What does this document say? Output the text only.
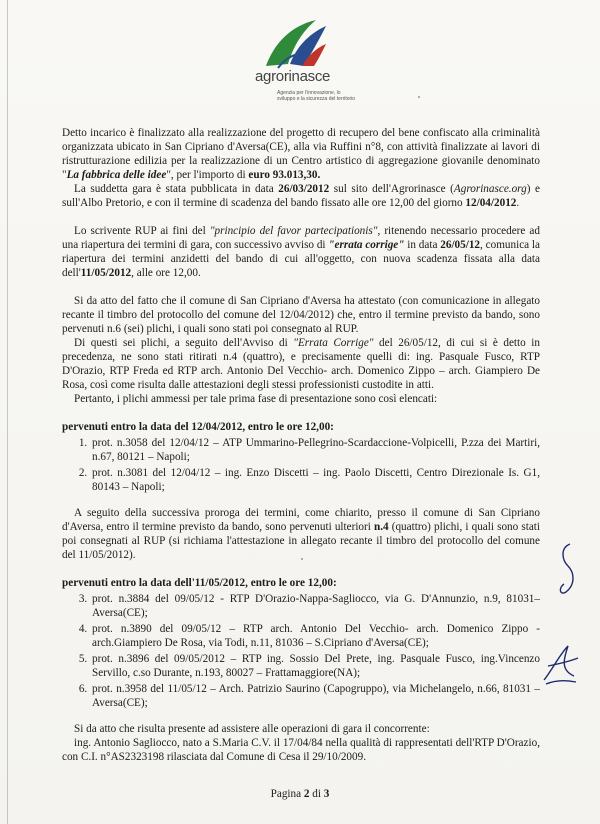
agrorinasce
Agenzia per l'innovazione, lo sviluppo e la sicurezza del territorio

Detto incarico è finalizzato alla realizzazione del progetto di recupero del bene confiscato alla criminalità organizzata ubicato in San Cipriano d'Aversa(CE), alla via Ruffini n°8, con attività finalizzate ai lavori di ristrutturazione edilizia per la realizzazione di un Centro artistico di aggregazione giovanile denominato "La fabbrica delle idee", per l'importo di euro 93.013,30.

La suddetta gara è stata pubblicata in data 26/03/2012 sul sito dell'Agrorinasce (Agrorinasce.org) e sull'Albo Pretorio, e con il termine di scadenza del bando fissato alle ore 12,00 del giorno 12/04/2012.

Lo scrivente RUP ai fini del "principio del favor partecipationis", ritenendo necessario procedere ad una riapertura dei termini di gara, con successivo avviso di "errata corrige" in data 26/05/12, comunica la riapertura dei termini anzidetti del bando di cui all'oggetto, con nuova scadenza fissata alla data dell'11/05/2012, alle ore 12,00.

Si da atto del fatto che il comune di San Cipriano d'Aversa ha attestato (con comunicazione in allegato recante il timbro del protocollo del comune del 12/04/2012) che, entro il termine previsto da bando, sono pervenuti n.6 (sei) plichi, i quali sono stati poi consegnato al RUP.

Di questi sei plichi, a seguito dell'Avviso di "Errata Corrige" del 26/05/12, di cui si è detto in precedenza, ne sono stati ritirati n.4 (quattro), e precisamente quelli di: ing. Pasquale Fusco, RTP D'Orazio, RTP Freda ed RTP arch. Antonio Del Vecchio- arch. Domenico Zippo – arch. Giampiero De Rosa, così come risulta dalle attestazioni degli stessi professionisti custodite in atti.

Pertanto, i plichi ammessi per tale prima fase di presentazione sono così elencati:

pervenuti entro la data del 12/04/2012, entro le ore 12,00:

1. prot. n.3058 del 12/04/12 – ATP Ummarino-Pellegrino-Scardaccione-Volpicelli, P.zza dei Martiri, n.67, 80121 – Napoli;
2. prot. n.3081 del 12/04/12 – ing. Enzo Discetti – ing. Paolo Discetti, Centro Direzionale Is. G1, 80143 – Napoli;

A seguito della successiva proroga dei termini, come chiarito, presso il comune di San Cipriano d'Aversa, entro il termine previsto da bando, sono pervenuti ulteriori n.4 (quattro) plichi, i quali sono stati poi consegnati al RUP (si richiama l'attestazione in allegato recante il timbro del protocollo del comune del 11/05/2012).

pervenuti entro la data dell'11/05/2012, entro le ore 12,00:

3. prot. n.3884 del 09/05/12 - RTP D'Orazio-Nappa-Sagliocco, via G. D'Annunzio, n.9, 81031– Aversa(CE);
4. prot. n.3890 del 09/05/12 – RTP arch. Antonio Del Vecchio- arch. Domenico Zippo - arch.Giampiero De Rosa, via Todi, n.11, 81036 – S.Cipriano d'Aversa(CE);
5. prot. n.3896 del 09/05/2012 – RTP ing. Sossio Del Prete, ing. Pasquale Fusco, ing.Vincenzo Servillo, c.so Durante, n.193, 80027 – Frattamaggiore(NA);
6. prot. n.3958 del 11/05/12 – Arch. Patrizio Saurino (Capogruppo), via Michelangelo, n.66, 81031 – Aversa(CE);

Si da atto che risulta presente ad assistere alle operazioni di gara il concorrente:

ing. Antonio Sagliocco, nato a S.Maria C.V. il 17/04/84 nella qualità di rappresentati dell'RTP D'Orazio, con C.I. n°AS2323198 rilasciata dal Comune di Cesa il 29/10/2009.

Pagina 2 di 3
